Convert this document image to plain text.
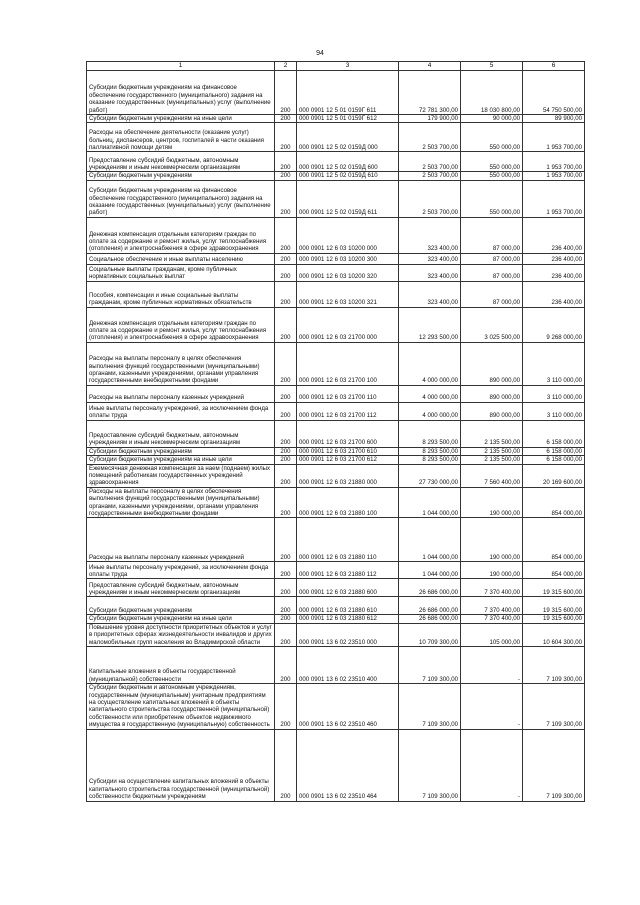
94
1	2	3	4	5	6
Субсидии бюджетным учреждениям на финансовое обеспечение государственного (муниципального) задания на оказание государственных (муниципальных) услуг (выполнение работ)	200	000 0901 12 5 01 0159Г 611	72 781 300,00	18 030 800,00	54 750 500,00
Субсидии бюджетным учреждениям на иные цели	200	000 0901 12 5 01 0159Г 612	179 900,00	90 000,00	89 900,00
Расходы на обеспечение деятельности (оказание услуг) больниц, диспансеров, центров, госпиталей в части оказания паллиативной помощи детям	200	000 0901 12 5 02 0159Д 000	2 503 700,00	550 000,00	1 953 700,00
Предоставление субсидий бюджетным, автономным учреждениям и иным некоммерческим организациям	200	000 0901 12 5 02 0159Д 600	2 503 700,00	550 000,00	1 953 700,00
Субсидии бюджетным учреждениям	200	000 0901 12 5 02 0159Д 610	2 503 700,00	550 000,00	1 953 700,00
Субсидии бюджетным учреждениям на финансовое обеспечение государственного (муниципального) задания на оказание государственных (муниципальных) услуг (выполнение работ)	200	000 0901 12 5 02 0159Д 611	2 503 700,00	550 000,00	1 953 700,00
Денежная компенсация отдельным категориям граждан по оплате за содержание и ремонт жилья, услуг теплоснабжения (отопления) и электроснабжения в сфере здравоохранения	200	000 0901 12 6 03 10200 000	323 400,00	87 000,00	236 400,00
Социальное обеспечение и иные выплаты населению	200	000 0901 12 6 03 10200 300	323 400,00	87 000,00	236 400,00
Социальные выплаты гражданам, кроме публичных нормативных социальных выплат	200	000 0901 12 6 03 10200 320	323 400,00	87 000,00	236 400,00
Пособия, компенсации и иные социальные выплаты гражданам, кроме публичных нормативных обязательств	200	000 0901 12 6 03 10200 321	323 400,00	87 000,00	236 400,00
Денежная компенсация отдельным категориям граждан по оплате за содержание и ремонт жилья, услуг теплоснабжения (отопления) и электроснабжения в сфере здравоохранения	200	000 0901 12 6 03 21700 000	12 293 500,00	3 025 500,00	9 268 000,00
Расходы на выплаты персоналу в целях обеспечения выполнения функций государственными (муниципальными) органами, казенными учреждениями, органами управления государственными внебюджетными фондами	200	000 0901 12 6 03 21700 100	4 000 000,00	890 000,00	3 110 000,00
Расходы на выплаты персоналу казенных учреждений	200	000 0901 12 6 03 21700 110	4 000 000,00	890 000,00	3 110 000,00
Иные выплаты персоналу учреждений, за исключением фонда оплаты труда	200	000 0901 12 6 03 21700 112	4 000 000,00	890 000,00	3 110 000,00
Предоставление субсидий бюджетным, автономным учреждениям и иным некоммерческим организациям	200	000 0901 12 6 03 21700 600	8 293 500,00	2 135 500,00	6 158 000,00
Субсидии бюджетным учреждениям	200	000 0901 12 6 03 21700 610	8 293 500,00	2 135 500,00	6 158 000,00
Субсидии бюджетным учреждениям на иные цели	200	000 0901 12 6 03 21700 612	8 293 500,00	2 135 500,00	6 158 000,00
Ежемесячная денежная компенсация за наем (поднаем) жилых помещений работникам государственных учреждений здравоохранения	200	000 0901 12 6 03 21880 000	27 730 000,00	7 560 400,00	20 169 600,00
Расходы на выплаты персоналу в целях обеспечения выполнения функций государственными (муниципальными) органами, казенными учреждениями, органами управления государственными внебюджетными фондами	200	000 0901 12 6 03 21880 100	1 044 000,00	190 000,00	854 000,00
Расходы на выплаты персоналу казенных учреждений	200	000 0901 12 6 03 21880 110	1 044 000,00	190 000,00	854 000,00
Иные выплаты персоналу учреждений, за исключением фонда оплаты труда	200	000 0901 12 6 03 21880 112	1 044 000,00	190 000,00	854 000,00
Предоставление субсидий бюджетным, автономным учреждениям и иным некоммерческим организациям	200	000 0901 12 6 03 21880 600	26 686 000,00	7 370 400,00	19 315 600,00
Субсидии бюджетным учреждениям	200	000 0901 12 6 03 21880 610	26 686 000,00	7 370 400,00	19 315 600,00
Субсидии бюджетным учреждениям на иные цели	200	000 0901 12 6 03 21880 612	26 686 000,00	7 370 400,00	19 315 600,00
Повышение уровня доступности приоритетных объектов и услуг в приоритетных сферах жизнедеятельности инвалидов и других маломобильных групп населения во Владимирской области	200	000 0901 13 6 02 23510 000	10 709 300,00	105 000,00	10 604 300,00
Капитальные вложения в объекты государственной (муниципальной) собственности	200	000 0901 13 6 02 23510 400	7 109 300,00	-	7 109 300,00
Субсидии бюджетным и автономным учреждениям, государственным (муниципальным) унитарным предприятиям на осуществление капитальных вложений в объекты капитального строительства государственной (муниципальной) собственности или приобретение объектов недвижимого имущества в государственную (муниципальную) собственность	200	000 0901 13 6 02 23510 460	7 109 300,00	-	7 109 300,00
Субсидии на осуществление капитальных вложений в объекты капитального строительства государственной (муниципальной) собственности бюджетным учреждениям	200	000 0901 13 6 02 23510 464	7 109 300,00	-	7 109 300,00
